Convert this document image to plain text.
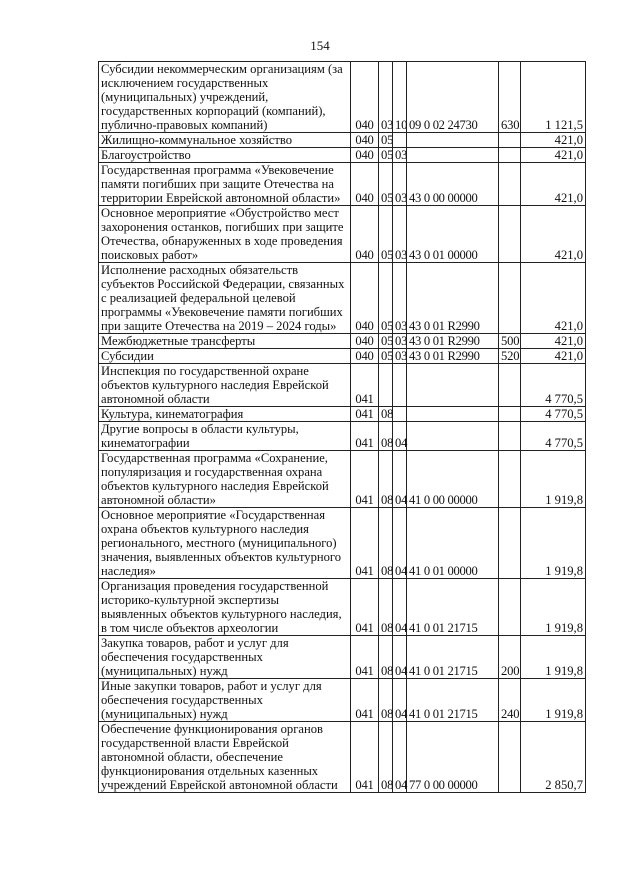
154
Субсидии некоммерческим организациям (за исключением государственных (муниципальных) учреждений, государственных корпораций (компаний), публично-правовых компаний)	040	03	10	09 0 02 24730	630	1 121,5
Жилищно-коммунальное хозяйство	040	05				421,0
Благоустройство	040	05	03			421,0
Государственная программа «Увековечение памяти погибших при защите Отечества на территории Еврейской автономной области»	040	05	03	43 0 00 00000		421,0
Основное мероприятие «Обустройство мест захоронения останков, погибших при защите Отечества, обнаруженных в ходе проведения поисковых работ»	040	05	03	43 0 01 00000		421,0
Исполнение расходных обязательств субъектов Российской Федерации, связанных с реализацией федеральной целевой программы «Увековечение памяти погибших при защите Отечества на 2019 – 2024 годы»	040	05	03	43 0 01 R2990		421,0
Межбюджетные трансферты	040	05	03	43 0 01 R2990	500	421,0
Субсидии	040	05	03	43 0 01 R2990	520	421,0
Инспекция по государственной охране объектов культурного наследия Еврейской автономной области	041					4 770,5
Культура, кинематография	041	08				4 770,5
Другие вопросы в области культуры, кинематографии	041	08	04			4 770,5
Государственная программа «Сохранение, популяризация и государственная охрана объектов культурного наследия Еврейской автономной области»	041	08	04	41 0 00 00000		1 919,8
Основное мероприятие «Государственная охрана объектов культурного наследия регионального, местного (муниципального) значения, выявленных объектов культурного наследия»	041	08	04	41 0 01 00000		1 919,8
Организация проведения государственной историко-культурной экспертизы выявленных объектов культурного наследия, в том числе объектов археологии	041	08	04	41 0 01 21715		1 919,8
Закупка товаров, работ и услуг для обеспечения государственных (муниципальных) нужд	041	08	04	41 0 01 21715	200	1 919,8
Иные закупки товаров, работ и услуг для обеспечения государственных (муниципальных) нужд	041	08	04	41 0 01 21715	240	1 919,8
Обеспечение функционирования органов государственной власти Еврейской автономной области, обеспечение функционирования отдельных казенных учреждений Еврейской автономной области	041	08	04	77 0 00 00000		2 850,7
